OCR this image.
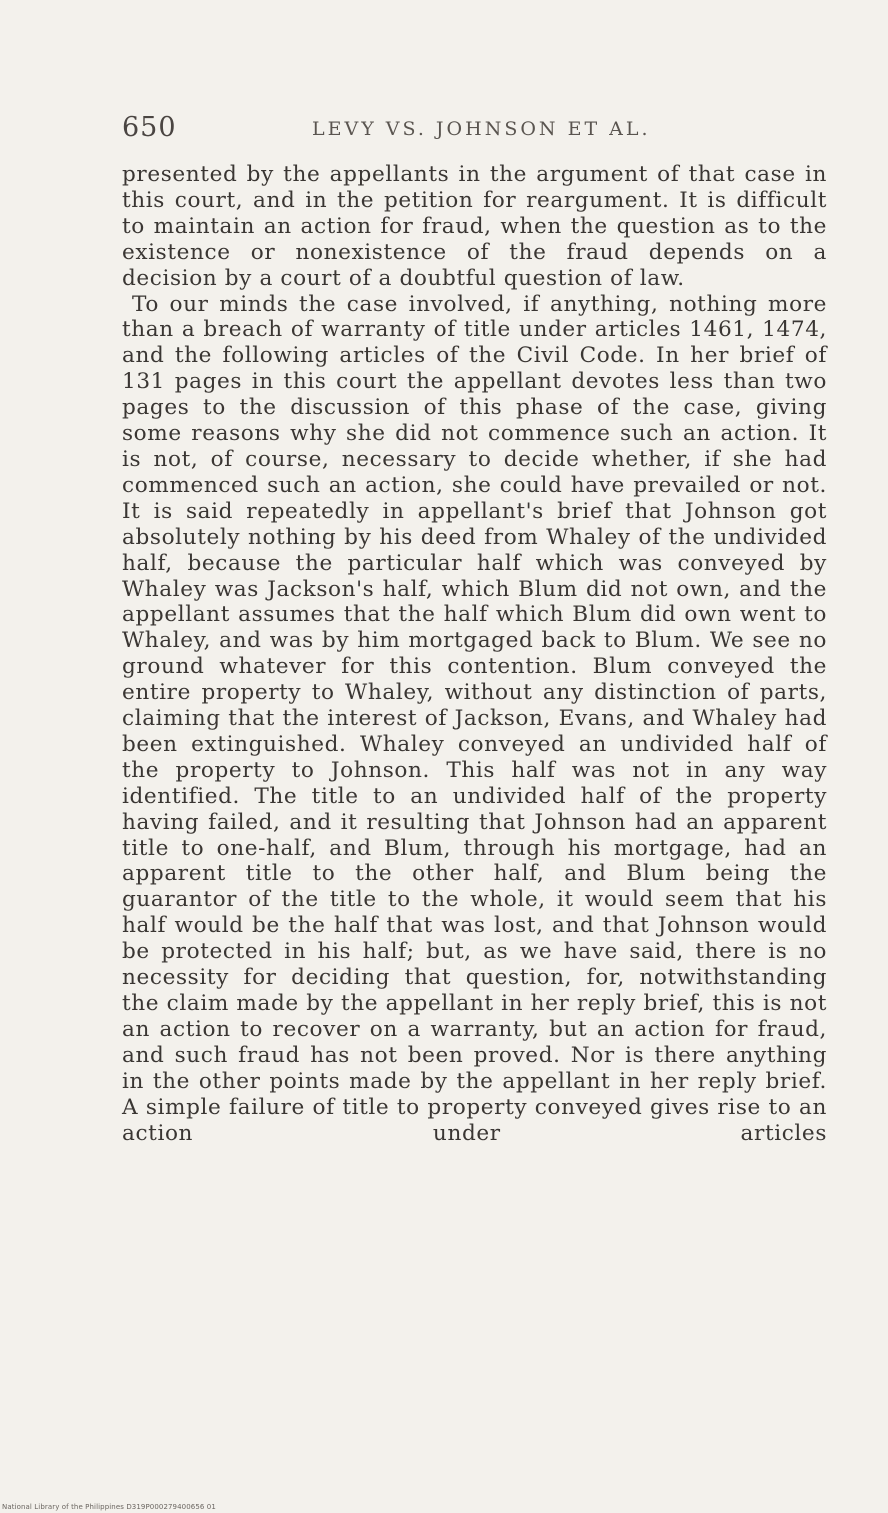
650	LEVY VS. JOHNSON ET AL.

presented by the appellants in the argument of that case in this court, and in the petition for reargument. It is difficult to maintain an action for fraud, when the question as to the existence or nonexistence of the fraud depends on a decision by a court of a doubtful question of law.

To our minds the case involved, if anything, nothing more than a breach of warranty of title under articles 1461, 1474, and the following articles of the Civil Code. In her brief of 131 pages in this court the appellant devotes less than two pages to the discussion of this phase of the case, giving some reasons why she did not commence such an action. It is not, of course, necessary to decide whether, if she had commenced such an action, she could have prevailed or not. It is said repeatedly in appellant's brief that Johnson got absolutely nothing by his deed from Whaley of the undivided half, because the particular half which was conveyed by Whaley was Jackson's half, which Blum did not own, and the appellant assumes that the half which Blum did own went to Whaley, and was by him mortgaged back to Blum. We see no ground whatever for this contention. Blum conveyed the entire property to Whaley, without any distinction of parts, claiming that the interest of Jackson, Evans, and Whaley had been extinguished. Whaley conveyed an undivided half of the property to Johnson. This half was not in any way identified. The title to an undivided half of the property having failed, and it resulting that Johnson had an apparent title to one-half, and Blum, through his mortgage, had an apparent title to the other half, and Blum being the guarantor of the title to the whole, it would seem that his half would be the half that was lost, and that Johnson would be protected in his half; but, as we have said, there is no necessity for deciding that question, for, notwithstanding the claim made by the appellant in her reply brief, this is not an action to recover on a warranty, but an action for fraud, and such fraud has not been proved. Nor is there anything in the other points made by the appellant in her reply brief. A simple failure of title to property conveyed gives rise to an action under articles

National Library of the Philippines D319P000279400656 01
